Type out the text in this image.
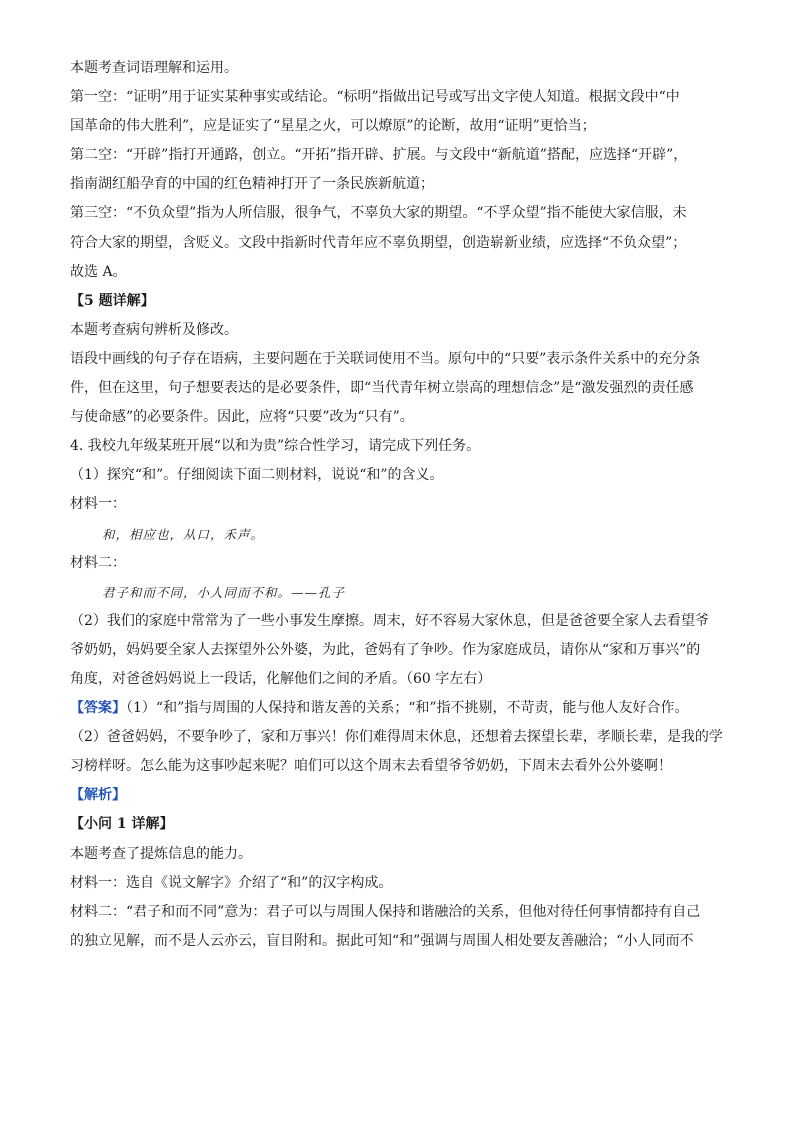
本题考查词语理解和运用。
第一空：“证明”用于证实某种事实或结论。“标明”指做出记号或写出文字使人知道。根据文段中“中
国革命的伟大胜利”，应是证实了“星星之火，可以燎原”的论断，故用“证明”更恰当；
第二空：“开辟”指打开通路，创立。“开拓”指开辟、扩展。与文段中“新航道”搭配，应选择“开辟”，
指南湖红船孕育的中国的红色精神打开了一条民族新航道；
第三空：“不负众望”指为人所信服，很争气，不辜负大家的期望。“不孚众望”指不能使大家信服，未
符合大家的期望，含贬义。文段中指新时代青年应不辜负期望，创造崭新业绩，应选择“不负众望”；
故选 A。
【5 题详解】
本题考查病句辨析及修改。
语段中画线的句子存在语病，主要问题在于关联词使用不当。原句中的“只要”表示条件关系中的充分条
件，但在这里，句子想要表达的是必要条件，即“当代青年树立崇高的理想信念”是“激发强烈的责任感
与使命感”的必要条件。因此，应将“只要”改为“只有”。
4. 我校九年级某班开展“以和为贵”综合性学习，请完成下列任务。
（1）探究“和”。仔细阅读下面二则材料，说说“和”的含义。
材料一：
和，相应也，从口，禾声。
材料二：
君子和而不同，小人同而不和。——孔子
（2）我们的家庭中常常为了一些小事发生摩擦。周末，好不容易大家休息，但是爸爸要全家人去看望爷
爷奶奶，妈妈要全家人去探望外公外婆，为此，爸妈有了争吵。作为家庭成员，请你从“家和万事兴”的
角度，对爸爸妈妈说上一段话，化解他们之间的矛盾。（60 字左右）
【答案】（1）“和”指与周围的人保持和谐友善的关系；“和”指不挑剔，不苛责，能与他人友好合作。
（2）爸爸妈妈，不要争吵了，家和万事兴！你们难得周末休息，还想着去探望长辈，孝顺长辈，是我的学
习榜样呀。怎么能为这事吵起来呢？咱们可以这个周末去看望爷爷奶奶，下周末去看外公外婆啊！
【解析】
【小问 1 详解】
本题考查了提炼信息的能力。
材料一：选自《说文解字》介绍了“和”的汉字构成。
材料二：“君子和而不同”意为：君子可以与周围人保持和谐融洽的关系，但他对待任何事情都持有自己
的独立见解，而不是人云亦云，盲目附和。据此可知“和”强调与周围人相处要友善融洽；“小人同而不
